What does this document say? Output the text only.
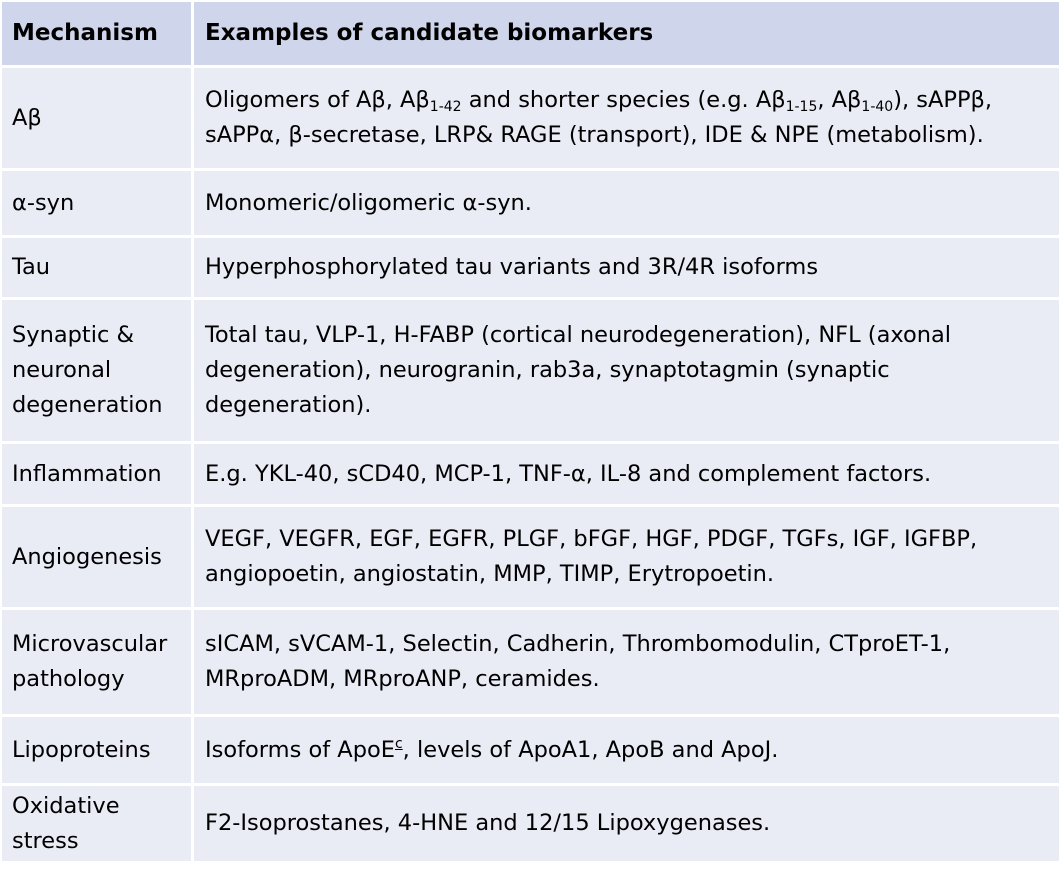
Mechanism Examples of candidate biomarkers
Aβ
Oligomers of Aβ, $A\beta_{1-42}$ and shorter species (e.g. $A\beta_{1-15}$, $A\beta_{1-40}$), sAPPβ, sAPPα, β-secretase, LRP& RAGE (transport), IDE & NPE (metabolism).
α-syn	Monomeric/oligomeric α-syn.
Tau	Hyperphosphorylated tau variants and 3R/4R isoforms
Synaptic & neuronal degeneration
Total tau, VLP-1, H-FABP (cortical neurodegeneration), NFL (axonal degeneration), neurogranin, rab3a, synaptotagmin (synaptic degeneration).
Inflammation E.g. YKL-40, sCD40, MCP-1, TNF-α, IL-8 and complement factors.
Angiogenesis
VEGF, VEGFR, EGF, EGFR, PLGF, bFGF, HGF, PDGF, TGFs, IGF, IGFBP, angiopoetin, angiostatin, MMP, TIMP, Erytropoetin.
Microvascular pathology
sICAM, sVCAM-1, Selectin, Cadherin, Thrombomodulin, CTproET-1, MRproADM, MRproANP, ceramides.
Lipoproteins Isoforms of ApoE$^c$, levels of ApoA1, ApoB and ApoJ.
Oxidative stress
F2-Isoprostanes, 4-HNE and 12/15 Lipoxygenases.
